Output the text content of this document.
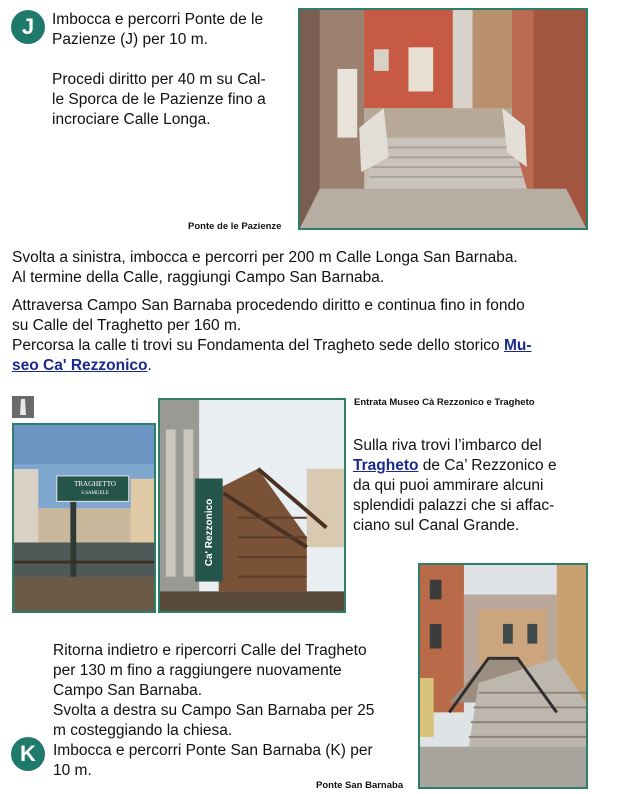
J	Imbocca e percorri Ponte de le
Pazienze (J) per 10 m.
Procedi diritto per 40 m su Cal-
le Sporca de le Pazienze fino a
incrociare Calle Longa.
Ponte de le Pazienze
Svolta a sinistra, imbocca e percorri per 200 m Calle Longa San Barnaba.
Al termine della Calle, raggiungi Campo San Barnaba.
Attraversa Campo San Barnaba procedendo diritto e continua fino in fondo
su Calle del Traghetto per 160 m.
Percorsa la calle ti trovi su Fondamenta del Tragheto sede dello storico Mu-
seo Ca' Rezzonico.
Entrata Museo Cà Rezzonico e Tragheto
TRAGHETTO
S.SAMUELE
Ca' Rezzonico
Sulla riva trovi l’imbarco del
Tragheto de Ca’ Rezzonico e
da qui puoi ammirare alcuni
splendidi palazzi che si affac-
ciano sul Canal Grande.
Ponte San Barnaba
Ritorna indietro e ripercorri Calle del Tragheto
per 130 m fino a raggiungere nuovamente
Campo San Barnaba.
Svolta a destra su Campo San Barnaba per 25
m costeggiando la chiesa.
Imbocca e percorri Ponte San Barnaba (K) per
10 m.
K
